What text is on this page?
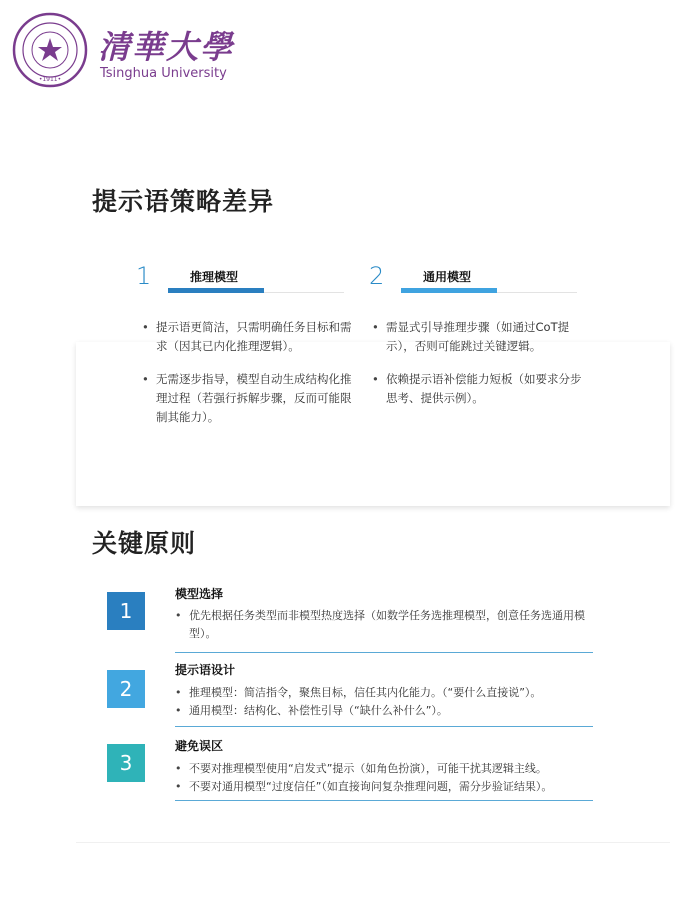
•1911•
清華大學
Tsinghua University
提示语策略差异
1	推理模型
• 提示语更简洁，只需明确任务目标和需求（因其已内化推理逻辑）。
• 无需逐步指导，模型自动生成结构化推理过程（若强行拆解步骤，反而可能限制其能力）。
2	通用模型
• 需显式引导推理步骤（如通过CoT提示），否则可能跳过关键逻辑。
• 依赖提示语补偿能力短板（如要求分步思考、提供示例）。
关键原则
模型选择
1	• 优先根据任务类型而非模型热度选择（如数学任务选推理模型，创意任务选通用模型）。
提示语设计
2	• 推理模型：简洁指令，聚焦目标，信任其内化能力。（“要什么直接说”）。
• 通用模型：结构化、补偿性引导（“缺什么补什么”）。
避免误区
3	• 不要对推理模型使用“启发式”提示（如角色扮演），可能干扰其逻辑主线。
• 不要对通用模型“过度信任”（如直接询问复杂推理问题，需分步验证结果）。
